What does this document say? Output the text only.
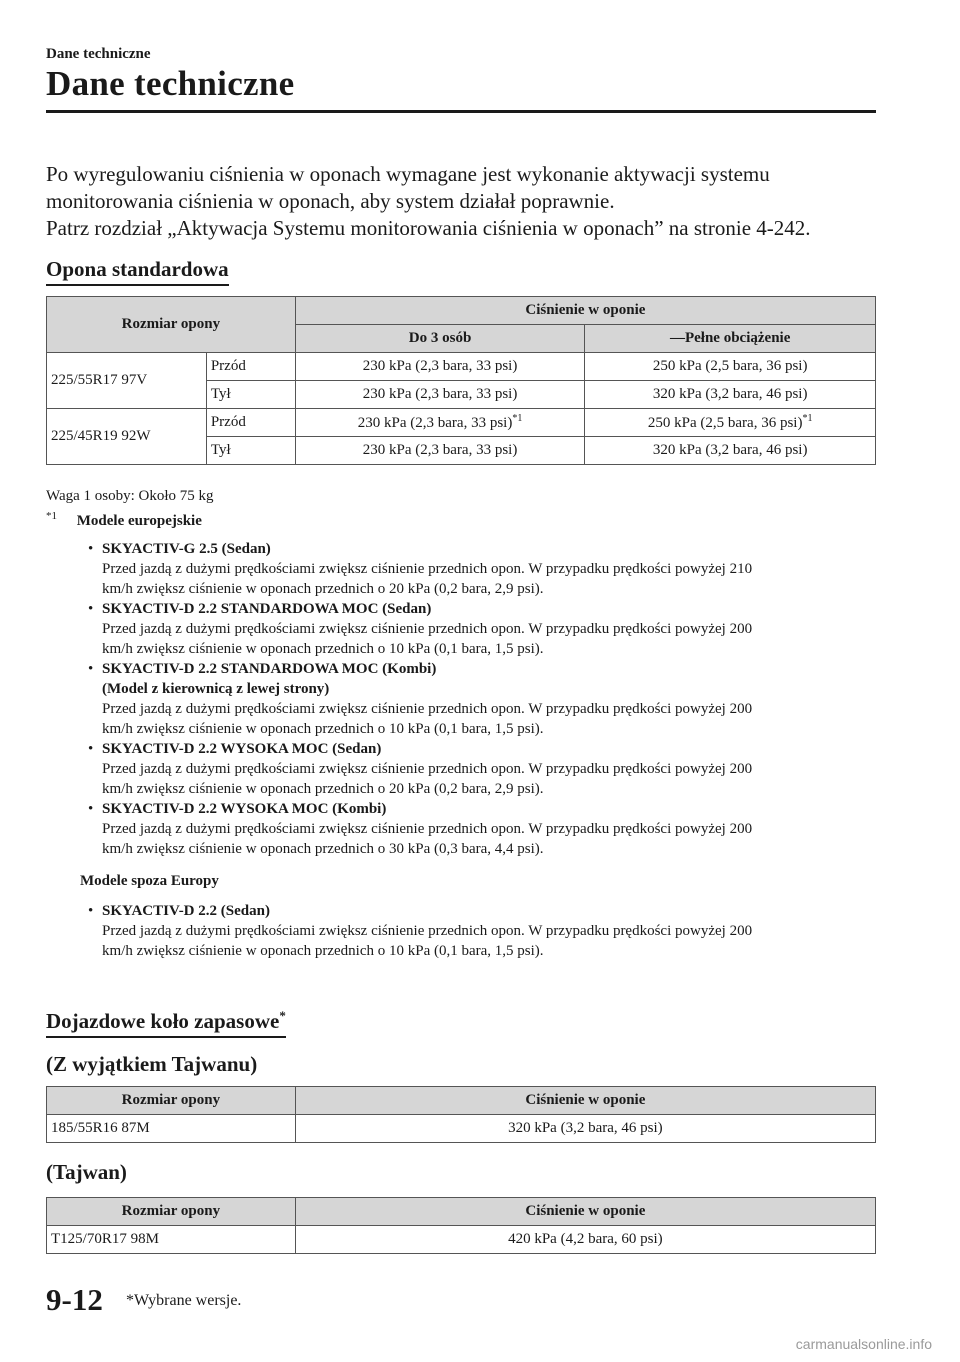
Dane techniczne
Dane techniczne

Po wyregulowaniu ciśnienia w oponach wymagane jest wykonanie aktywacji systemu

monitorowania ciśnienia w oponach, aby system działał poprawnie.

Patrz rozdział „Aktywacja Systemu monitorowania ciśnienia w oponach” na stronie 4-242.

Opona standardowa
Rozmiar opony		Ciśnienie w oponie	
		Do 3 osób	―Pełne obciążenie
225/55R17 97V	Przód	230 kPa (2,3 bara, 33 psi)	250 kPa (2,5 bara, 36 psi)
	Tył	230 kPa (2,3 bara, 33 psi)	320 kPa (3,2 bara, 46 psi)
225/45R19 92W	Przód	230 kPa (2,3 bara, 33 psi)$^{*1}$	250 kPa (2,5 bara, 36 psi)$^{*1}$
	Tył	230 kPa (2,3 bara, 33 psi)	320 kPa (3,2 bara, 46 psi)

Waga 1 osoby: Około 75 kg

$^{*1}$ Modele europejskie

• SKYACTIV-G 2.5 (Sedan)
Przed jazdą z dużymi prędkościami zwiększ ciśnienie przednich opon. W przypadku prędkości powyżej 210
km/h zwiększ ciśnienie w oponach przednich o 20 kPa (0,2 bara, 2,9 psi).
• SKYACTIV-D 2.2 STANDARDOWA MOC (Sedan)
Przed jazdą z dużymi prędkościami zwiększ ciśnienie przednich opon. W przypadku prędkości powyżej 200
km/h zwiększ ciśnienie w oponach przednich o 10 kPa (0,1 bara, 1,5 psi).
• SKYACTIV-D 2.2 STANDARDOWA MOC (Kombi)
(Model z kierownicą z lewej strony)
Przed jazdą z dużymi prędkościami zwiększ ciśnienie przednich opon. W przypadku prędkości powyżej 200
km/h zwiększ ciśnienie w oponach przednich o 10 kPa (0,1 bara, 1,5 psi).
• SKYACTIV-D 2.2 WYSOKA MOC (Sedan)
Przed jazdą z dużymi prędkościami zwiększ ciśnienie przednich opon. W przypadku prędkości powyżej 200
km/h zwiększ ciśnienie w oponach przednich o 20 kPa (0,2 bara, 2,9 psi).
• SKYACTIV-D 2.2 WYSOKA MOC (Kombi)
Przed jazdą z dużymi prędkościami zwiększ ciśnienie przednich opon. W przypadku prędkości powyżej 200
km/h zwiększ ciśnienie w oponach przednich o 30 kPa (0,3 bara, 4,4 psi).

Modele spoza Europy

• SKYACTIV-D 2.2 (Sedan)
Przed jazdą z dużymi prędkościami zwiększ ciśnienie przednich opon. W przypadku prędkości powyżej 200
km/h zwiększ ciśnienie w oponach przednich o 10 kPa (0,1 bara, 1,5 psi).
Dojazdowe koło zapasowe*
(Z wyjątkiem Tajwanu)
Rozmiar opony	Ciśnienie w oponie
185/55R16 87M	320 kPa (3,2 bara, 46 psi)
(Tajwan)
Rozmiar opony	Ciśnienie w oponie
T125/70R17 98M	420 kPa (4,2 bara, 60 psi)
9-12 *Wybrane wersje.
carmanualsonline.info
